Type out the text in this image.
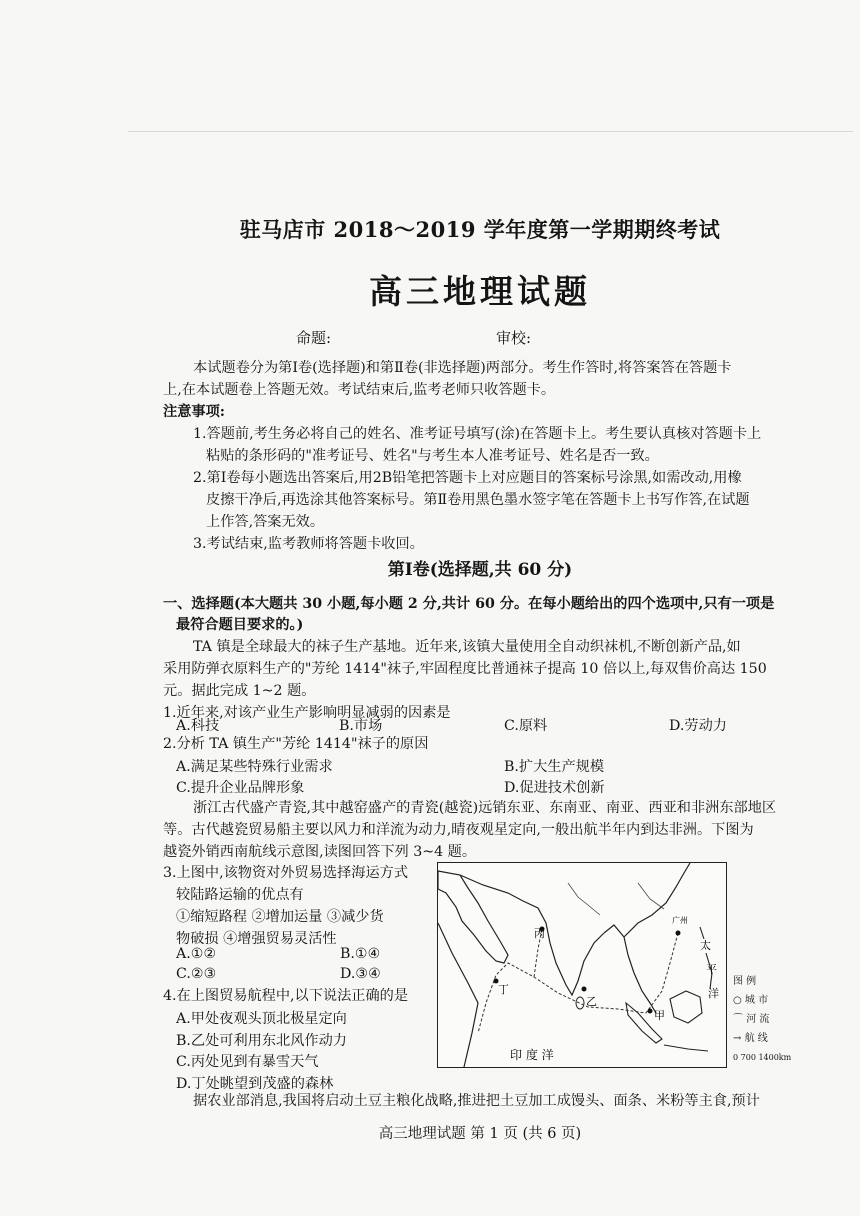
驻马店市 2018～2019 学年度第一学期期终考试
高三地理试题
命题:	审校:
本试题卷分为第Ⅰ卷(选择题)和第Ⅱ卷(非选择题)两部分。考生作答时,将答案答在答题卡
上,在本试题卷上答题无效。考试结束后,监考老师只收答题卡。
注意事项:
1.答题前,考生务必将自己的姓名、准考证号填写(涂)在答题卡上。考生要认真核对答题卡上
粘贴的条形码的"准考证号、姓名"与考生本人准考证号、姓名是否一致。
2.第Ⅰ卷每小题选出答案后,用2B铅笔把答题卡上对应题目的答案标号涂黑,如需改动,用橡
皮擦干净后,再选涂其他答案标号。第Ⅱ卷用黑色墨水签字笔在答题卡上书写作答,在试题
上作答,答案无效。
3.考试结束,监考教师将答题卡收回。
第Ⅰ卷(选择题,共 60 分)
一、选择题(本大题共 30 小题,每小题 2 分,共计 60 分。在每小题给出的四个选项中,只有一项是
最符合题目要求的。)
TA 镇是全球最大的袜子生产基地。近年来,该镇大量使用全自动织袜机,不断创新产品,如
采用防弹衣原料生产的"芳纶 1414"袜子,牢固程度比普通袜子提高 10 倍以上,每双售价高达 150
元。据此完成 1~2 题。
1.近年来,对该产业生产影响明显减弱的因素是
A.科技	B.市场	C.原料	D.劳动力
2.分析 TA 镇生产"芳纶 1414"袜子的原因
A.满足某些特殊行业需求	B.扩大生产规模
C.提升企业品牌形象	D.促进技术创新
浙江古代盛产青瓷,其中越窑盛产的青瓷(越瓷)远销东亚、东南亚、南亚、西亚和非洲东部地区
等。古代越瓷贸易船主要以风力和洋流为动力,晴夜观星定向,一般出航半年内到达非洲。下图为
越瓷外销西南航线示意图,读图回答下列 3~4 题。
3.上图中,该物资对外贸易选择海运方式
较陆路运输的优点有
①缩短路程 ②增加运量 ③减少货
物破损 ④增强贸易灵活性
A.①②	B.①④
C.②③	D.③④
4.在上图贸易航程中,以下说法正确的是
A.甲处夜观头顶北极星定向
B.乙处可利用东北风作动力
C.丙处见到有暴雪天气
D.丁处眺望到茂盛的森林
丙
丁
乙
甲
广州
印 度 洋
太
平
洋
图 例
○ 城 市
⌒ 河 流
→ 航 线
0 700 1400km
据农业部消息,我国将启动土豆主粮化战略,推进把土豆加工成馒头、面条、米粉等主食,预计
高三地理试题 第 1 页 (共 6 页)
